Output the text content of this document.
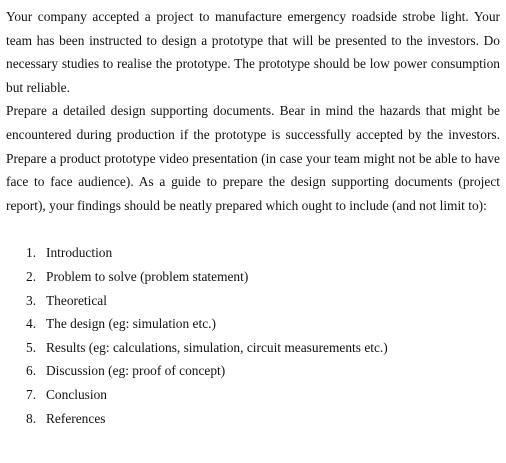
Your company accepted a project to manufacture emergency roadside strobe light. Your team has been instructed to design a prototype that will be presented to the investors. Do necessary studies to realise the prototype. The prototype should be low power consumption but reliable.

Prepare a detailed design supporting documents. Bear in mind the hazards that might be encountered during production if the prototype is successfully accepted by the investors. Prepare a product prototype video presentation (in case your team might not be able to have face to face audience). As a guide to prepare the design supporting documents (project report), your findings should be neatly prepared which ought to include (and not limit to):

1. Introduction
2. Problem to solve (problem statement)
3. Theoretical
4. The design (eg: simulation etc.)
5. Results (eg: calculations, simulation, circuit measurements etc.)
6. Discussion (eg: proof of concept)
7. Conclusion
8. References
